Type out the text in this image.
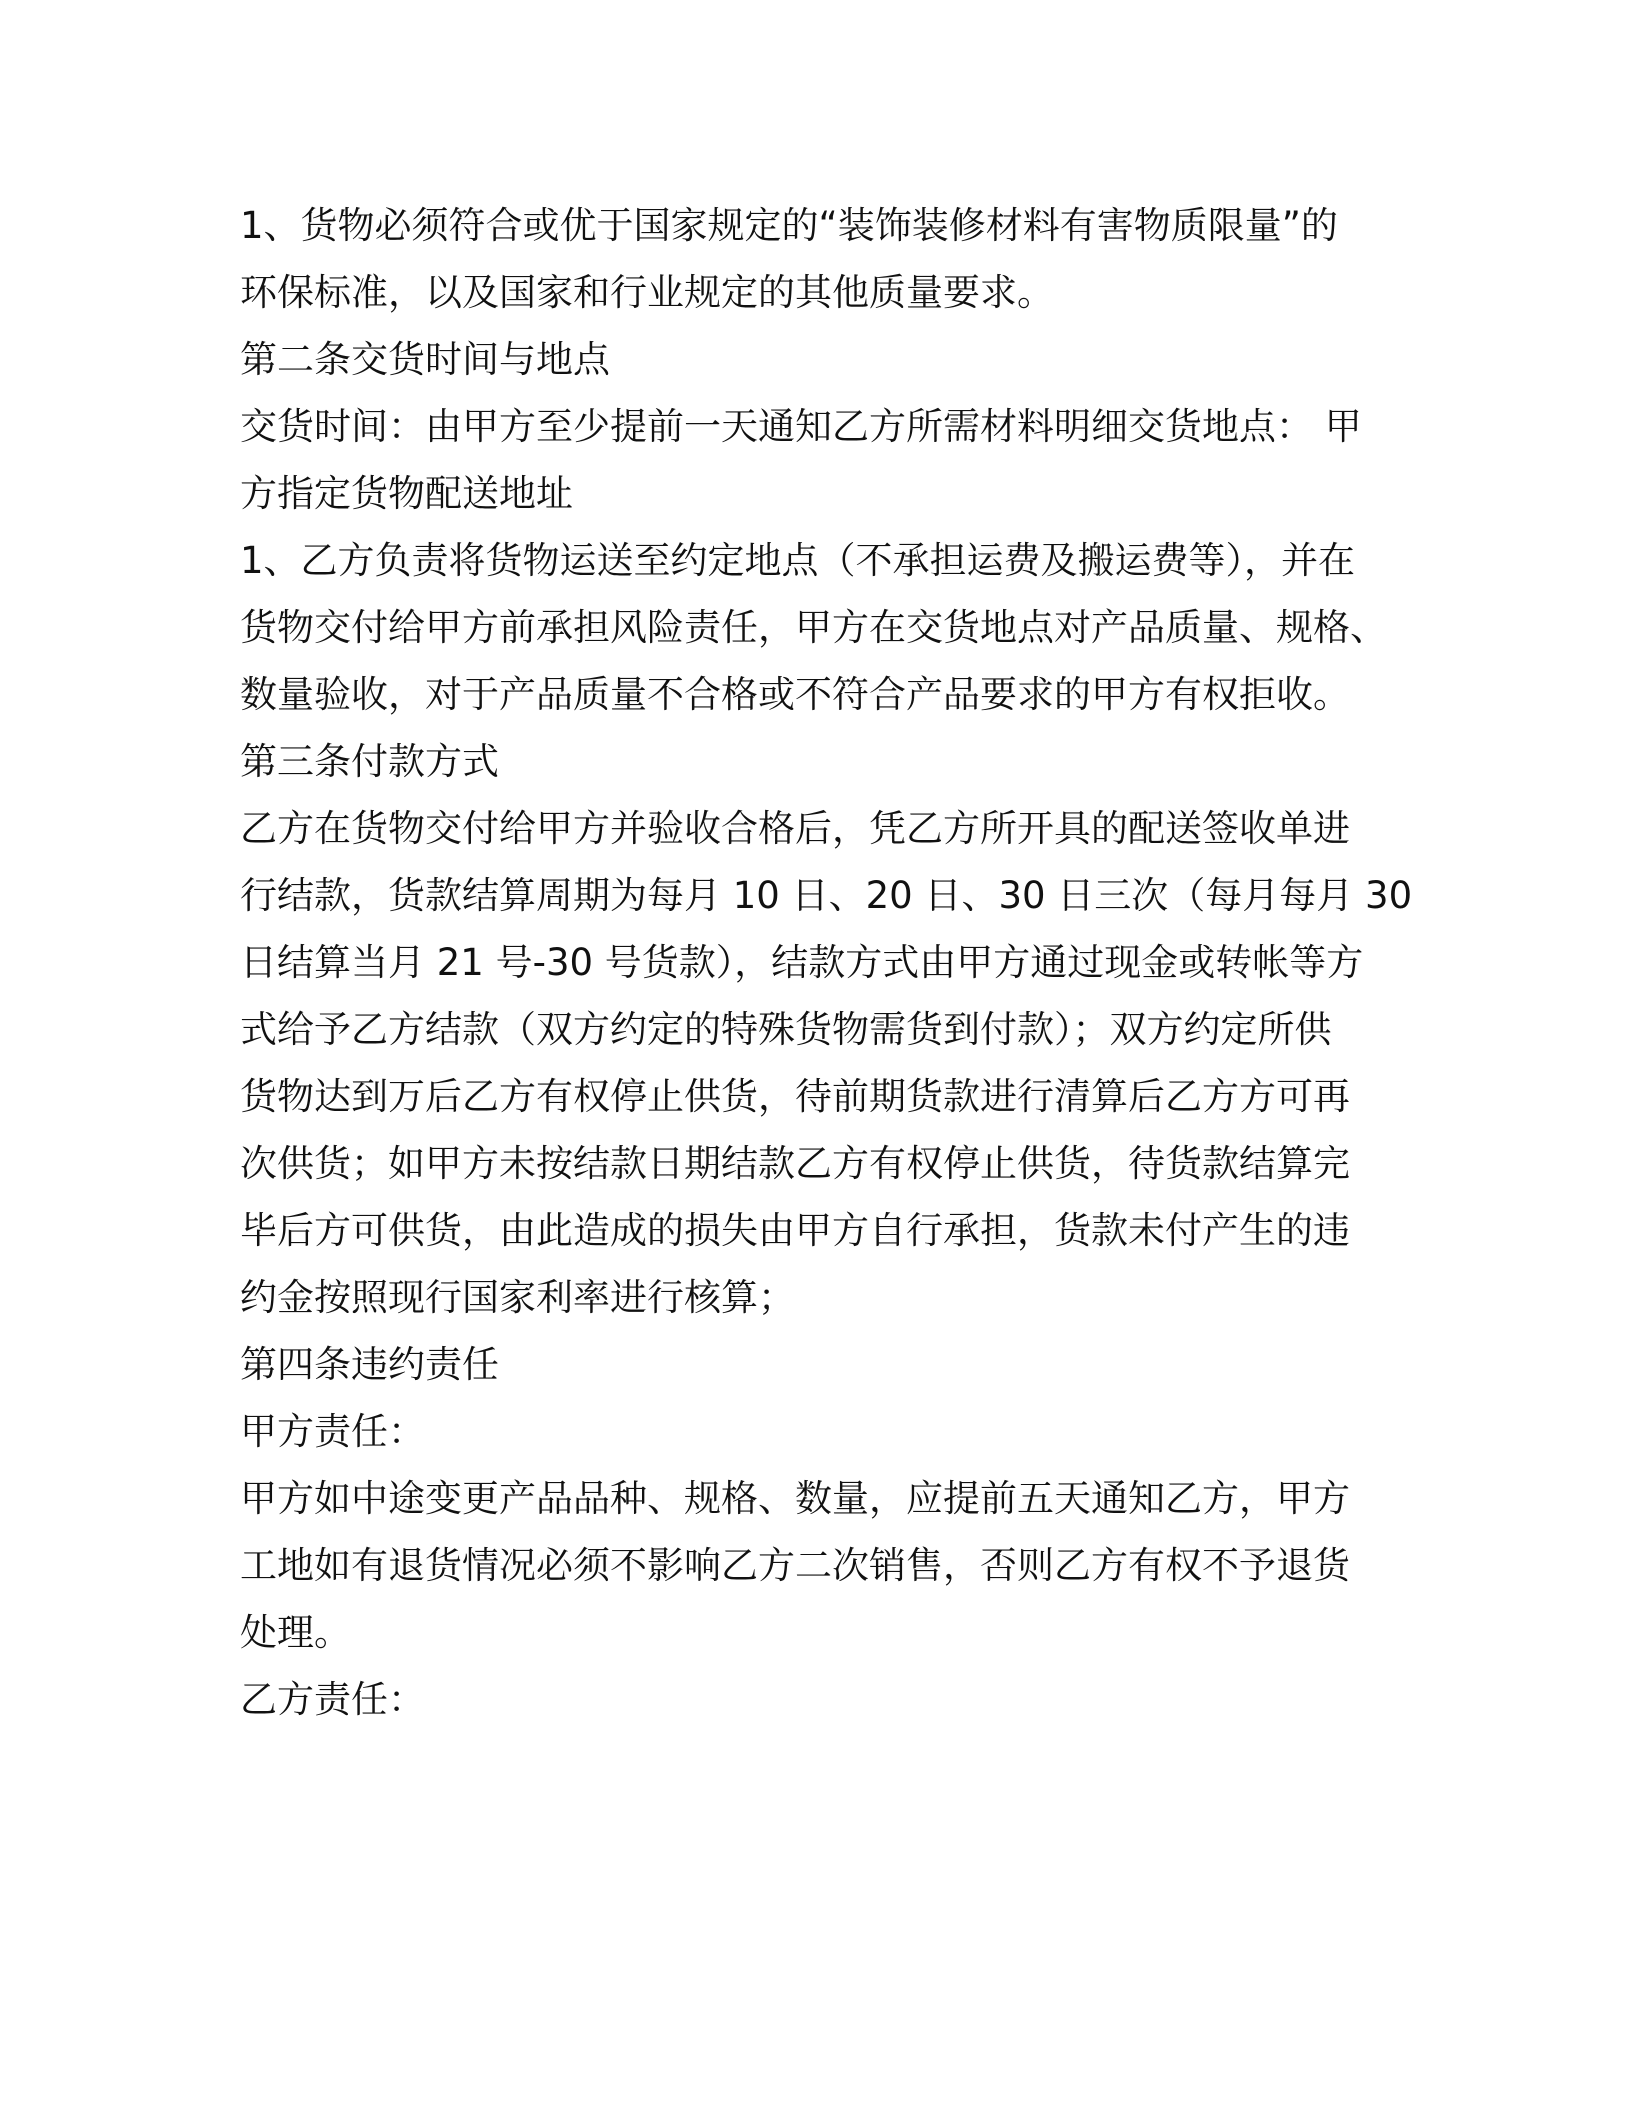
1、货物必须符合或优于国家规定的“装饰装修材料有害物质限量”的
环保标准，以及国家和行业规定的其他质量要求。
第二条交货时间与地点
交货时间：由甲方至少提前一天通知乙方所需材料明细交货地点： 甲
方指定货物配送地址
1、乙方负责将货物运送至约定地点（不承担运费及搬运费等），并在
货物交付给甲方前承担风险责任，甲方在交货地点对产品质量、规格、
数量验收，对于产品质量不合格或不符合产品要求的甲方有权拒收。
第三条付款方式
乙方在货物交付给甲方并验收合格后，凭乙方所开具的配送签收单进
行结款，货款结算周期为每月 10 日、20 日、30 日三次（每月每月 30
日结算当月 21 号-30 号货款），结款方式由甲方通过现金或转帐等方
式给予乙方结款（双方约定的特殊货物需货到付款）；双方约定所供
货物达到万后乙方有权停止供货，待前期货款进行清算后乙方方可再
次供货；如甲方未按结款日期结款乙方有权停止供货，待货款结算完
毕后方可供货，由此造成的损失由甲方自行承担，货款未付产生的违
约金按照现行国家利率进行核算；
第四条违约责任
甲方责任：
甲方如中途变更产品品种、规格、数量，应提前五天通知乙方，甲方
工地如有退货情况必须不影响乙方二次销售，否则乙方有权不予退货
处理。
乙方责任：
